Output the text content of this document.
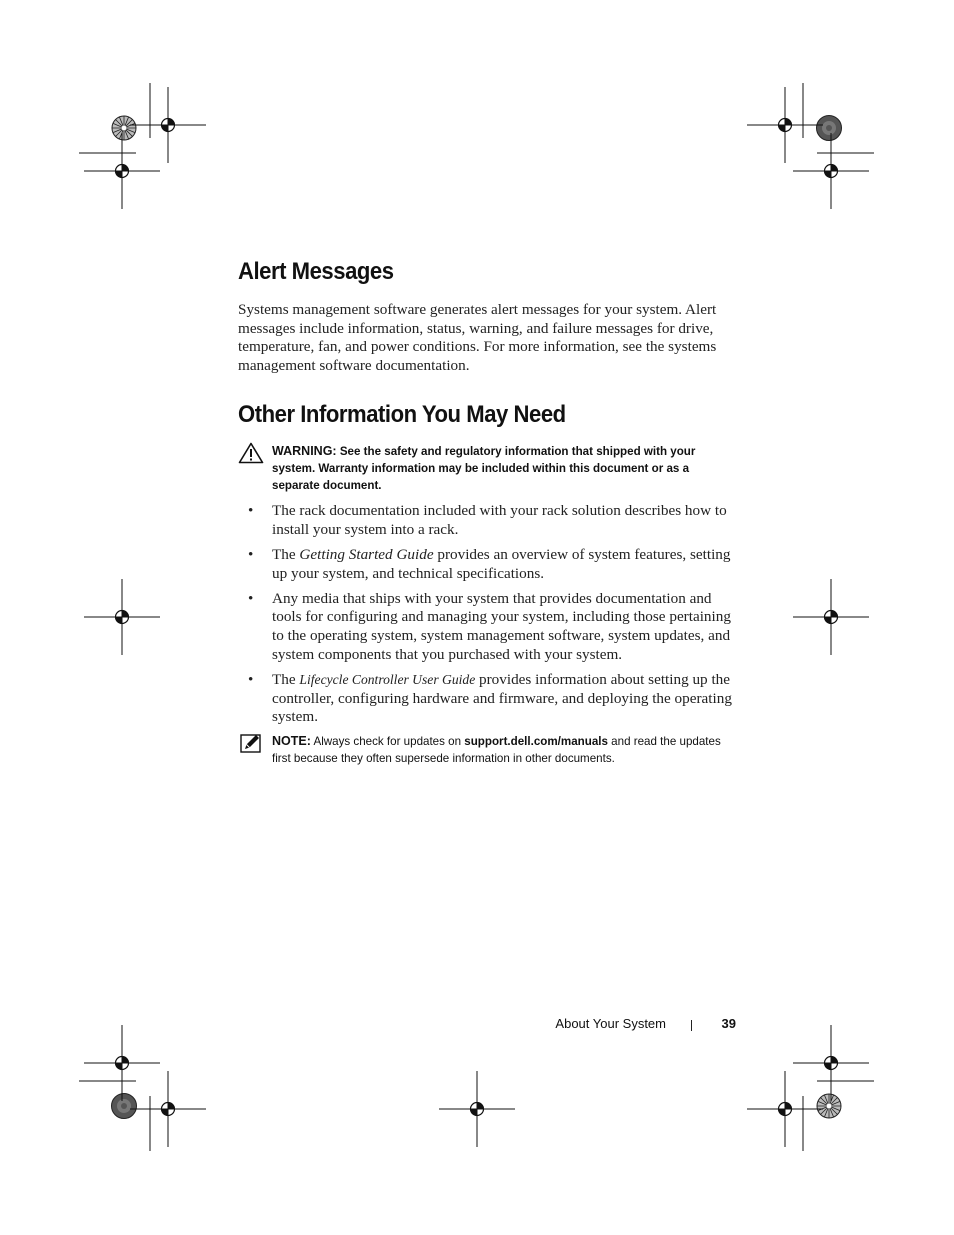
Alert Messages

Systems management software generates alert messages for your system. Alert messages include information, status, warning, and failure messages for drive, temperature, fan, and power conditions. For more information, see the systems management software documentation.

Other Information You May Need
WARNING: See the safety and regulatory information that shipped with your system. Warranty information may be included within this document or as a separate document.
• The rack documentation included with your rack solution describes how to install your system into a rack.
• The Getting Started Guide provides an overview of system features, setting up your system, and technical specifications.
• Any media that ships with your system that provides documentation and tools for configuring and managing your system, including those pertaining to the operating system, system management software, system updates, and system components that you purchased with your system.
• The Lifecycle Controller User Guide provides information about setting up the controller, configuring hardware and firmware, and deploying the operating system.
NOTE: Always check for updates on support.dell.com/manuals and read the updates first because they often supersede information in other documents.
About Your System	39
